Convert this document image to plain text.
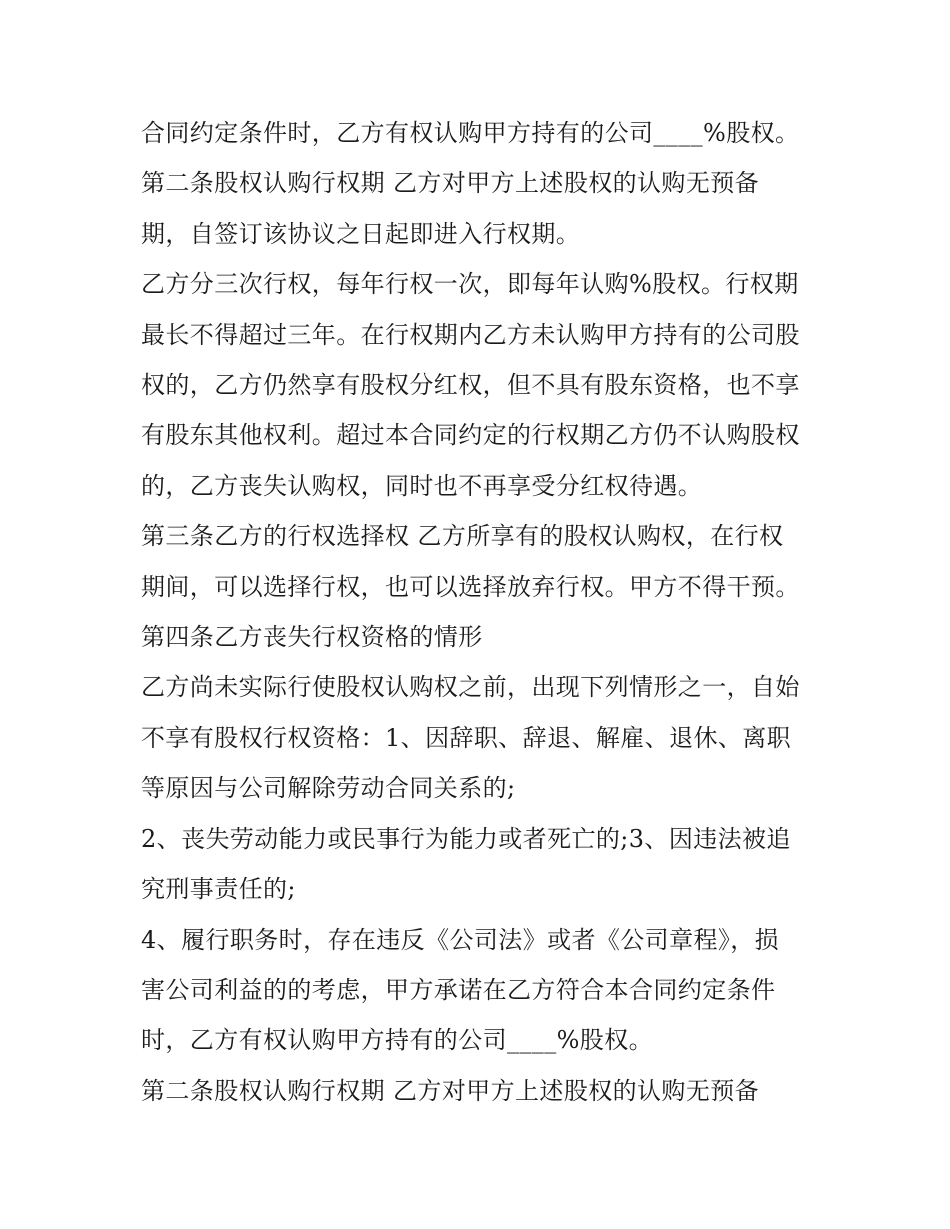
合同约定条件时，乙方有权认购甲方持有的公司____%股权。
第二条股权认购行权期 乙方对甲方上述股权的认购无预备
期，自签订该协议之日起即进入行权期。
乙方分三次行权，每年行权一次，即每年认购%股权。行权期
最长不得超过三年。在行权期内乙方未认购甲方持有的公司股
权的，乙方仍然享有股权分红权，但不具有股东资格，也不享
有股东其他权利。超过本合同约定的行权期乙方仍不认购股权
的，乙方丧失认购权，同时也不再享受分红权待遇。
第三条乙方的行权选择权 乙方所享有的股权认购权，在行权
期间，可以选择行权，也可以选择放弃行权。甲方不得干预。
第四条乙方丧失行权资格的情形
乙方尚未实际行使股权认购权之前，出现下列情形之一，自始
不享有股权行权资格：1、因辞职、辞退、解雇、退休、离职
等原因与公司解除劳动合同关系的;
2、丧失劳动能力或民事行为能力或者死亡的;3、因违法被追
究刑事责任的;
4、履行职务时，存在违反《公司法》或者《公司章程》，损
害公司利益的的考虑，甲方承诺在乙方符合本合同约定条件
时，乙方有权认购甲方持有的公司____%股权。
第二条股权认购行权期 乙方对甲方上述股权的认购无预备
